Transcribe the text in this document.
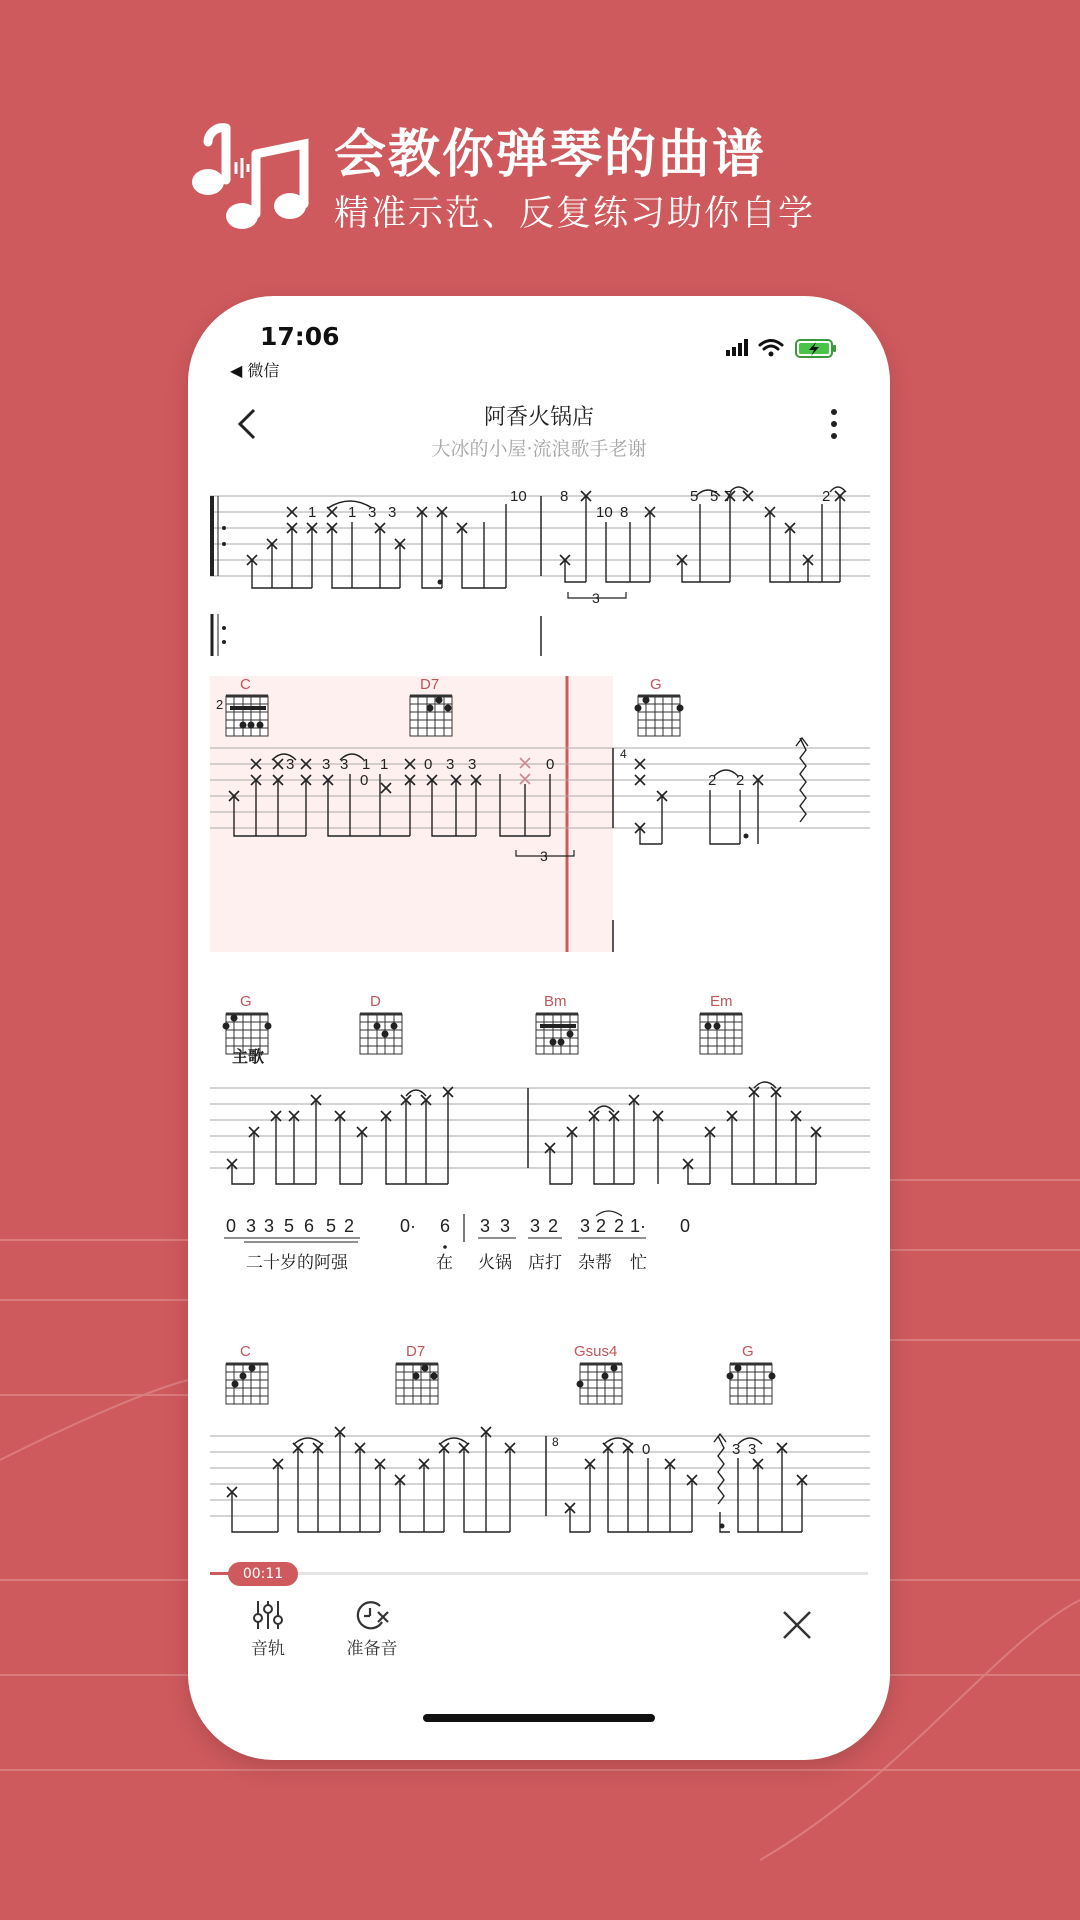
会教你弹琴的曲谱
精准示范、反复练习助你自学
17:06
◀ 微信
阿香火锅店
大冰的小屋·流浪歌手老谢
1 1 3 3
10 8
10 8
5 5 7	2
3
C
2
D7	G
3 3 3 1 1
0
0 3 3	0
2 2
4
3
G
主歌
D	Bm	Em
0 3 3 5 6 5 2	0· 6 3 3 3 2 3 2 2 1· 0
二十岁的 阿强	在 火锅 店打 杂帮 忙
C	D7	Gsus4	G
0	3 3
8
00:11
音轨	准备音
